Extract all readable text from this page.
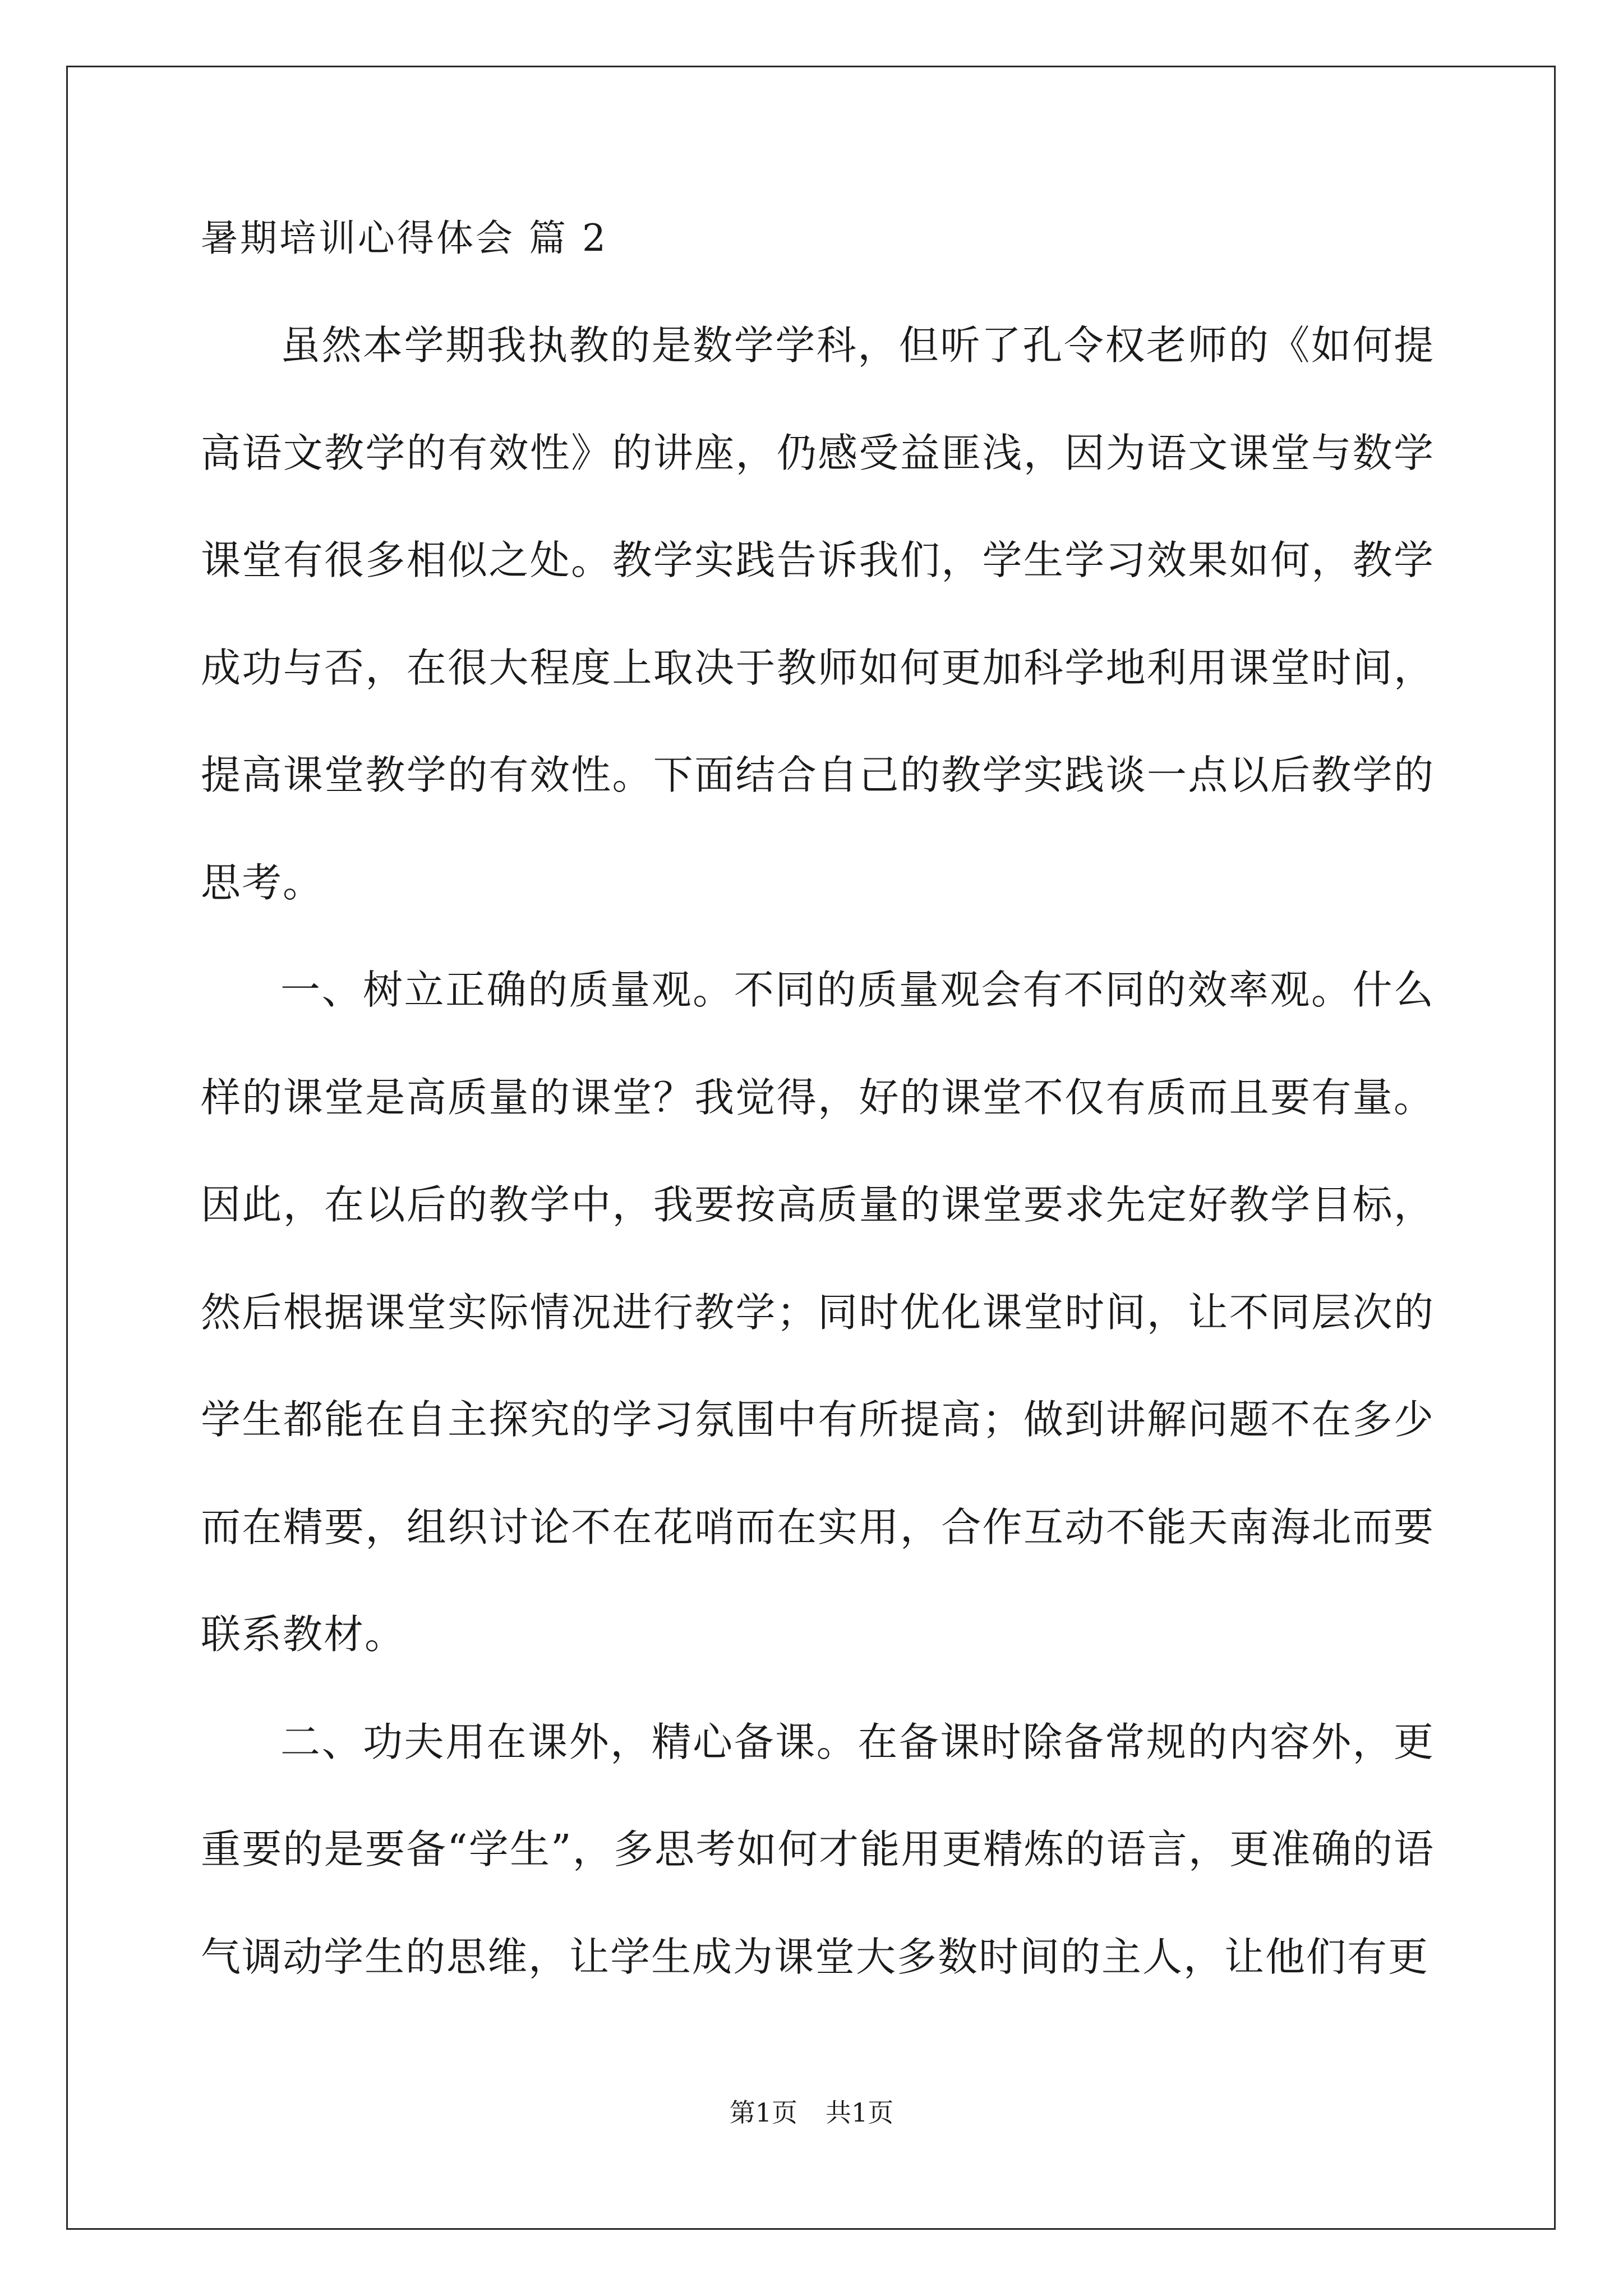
暑期培训心得体会 篇 2

虽然本学期我执教的是数学学科，但听了孔令权老师的《如何提高语文教学的有效性》的讲座，仍感受益匪浅，因为语文课堂与数学课堂有很多相似之处。教学实践告诉我们，学生学习效果如何，教学成功与否，在很大程度上取决于教师如何更加科学地利用课堂时间，提高课堂教学的有效性。下面结合自己的教学实践谈一点以后教学的思考。

一、树立正确的质量观。不同的质量观会有不同的效率观。什么样的课堂是高质量的课堂？我觉得，好的课堂不仅有质而且要有量。因此，在以后的教学中，我要按高质量的课堂要求先定好教学目标，然后根据课堂实际情况进行教学；同时优化课堂时间，让不同层次的学生都能在自主探究的学习氛围中有所提高；做到讲解问题不在多少而在精要，组织讨论不在花哨而在实用，合作互动不能天南海北而要联系教材。

二、功夫用在课外，精心备课。在备课时除备常规的内容外，更重要的是要备“学生”，多思考如何才能用更精炼的语言，更准确的语气调动学生的思维，让学生成为课堂大多数时间的主人，让他们有更

第1页 共1页
